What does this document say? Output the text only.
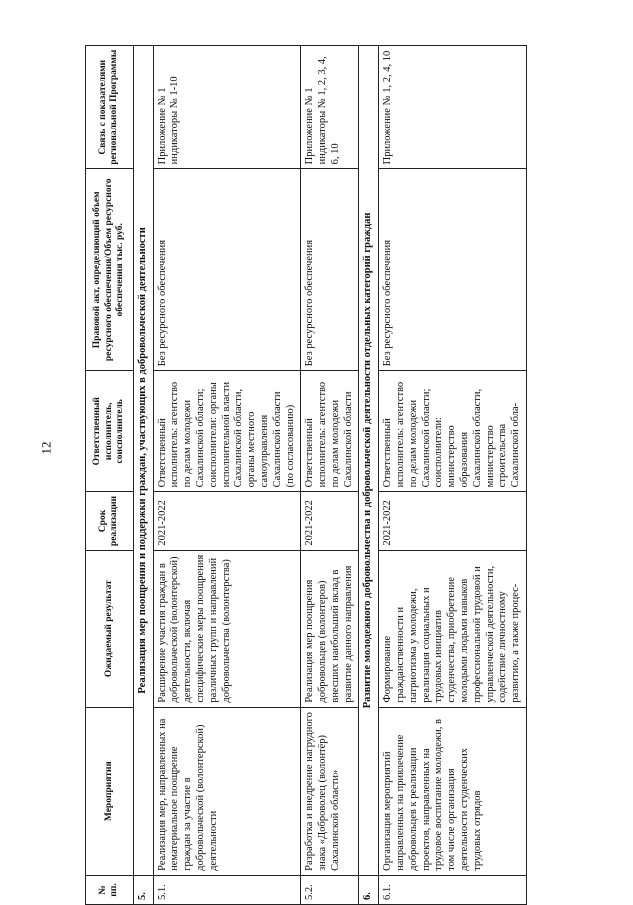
12
№ пп.	Мероприятия	Ожидаемый результат	Срок реализации	Ответственный исполнитель, соисполнитель	Правовой акт, определяющий объем ресурсного обеспечения/Объем ресурсного обеспечения тыс. руб.	Связь с показателями региональной Программы
5.	Реализация мер поощрения и поддержки граждан, участвующих в добровольческой деятельности					
5.1.	Реализация мер, направленных на нематериальное поощрение граждан за участие в добровольческой (волонтерской) деятельности	Расширение участия граждан в добровольческой (волонтерской) деятельности, включая специфические меры поощрения различных групп и направлений добровольчества (волонтерства)	2021-2022	Ответственный исполнитель: агентство по делам молодежи Сахалинской области; соисполнители: органы исполнительной власти Сахалинской области, органы местного самоуправления Сахалинской области (по согласованию)	Без ресурсного обеспечения	Приложение № 1 индикаторы № 1-10
5.2.	Разработка и внедрение нагрудного знака «Доброволец (волонтёр) Сахалинской области»	Реализация мер поощрения добровольцев (волонтеров) внесших наибольший вклад в развитие данного направления	2021-2022	Ответственный исполнитель: агентство по делам молодежи Сахалинской области	Без ресурсного обеспечения	Приложение № 1 индикаторы № 1, 2, 3, 4, 6, 10
6.	Развитие молодежного добровольчества и добровольческой деятельности отдельных категорий граждан					
6.1.	Организация мероприятий направленных на привлечение добровольцев к реализации проектов, направленных на трудовое воспитание молодежи, в том числе организация деятельности студенческих трудовых отрядов	Формирование гражданственности и патриотизма у молодежи, реализация социальных и трудовых инициатив студенчества, приобретение молодыми людьми навыков профессиональной трудовой и управленческой деятельности, содействие личностному развитию, а также процес-	2021-2022	Ответственный исполнитель: агентство по делам молодежи Сахалинской области; соисполнители: министерство образования Сахалинской области, министерство строительства Сахалинской обла-	Без ресурсного обеспечения	Приложение № 1, 2, 4, 10
